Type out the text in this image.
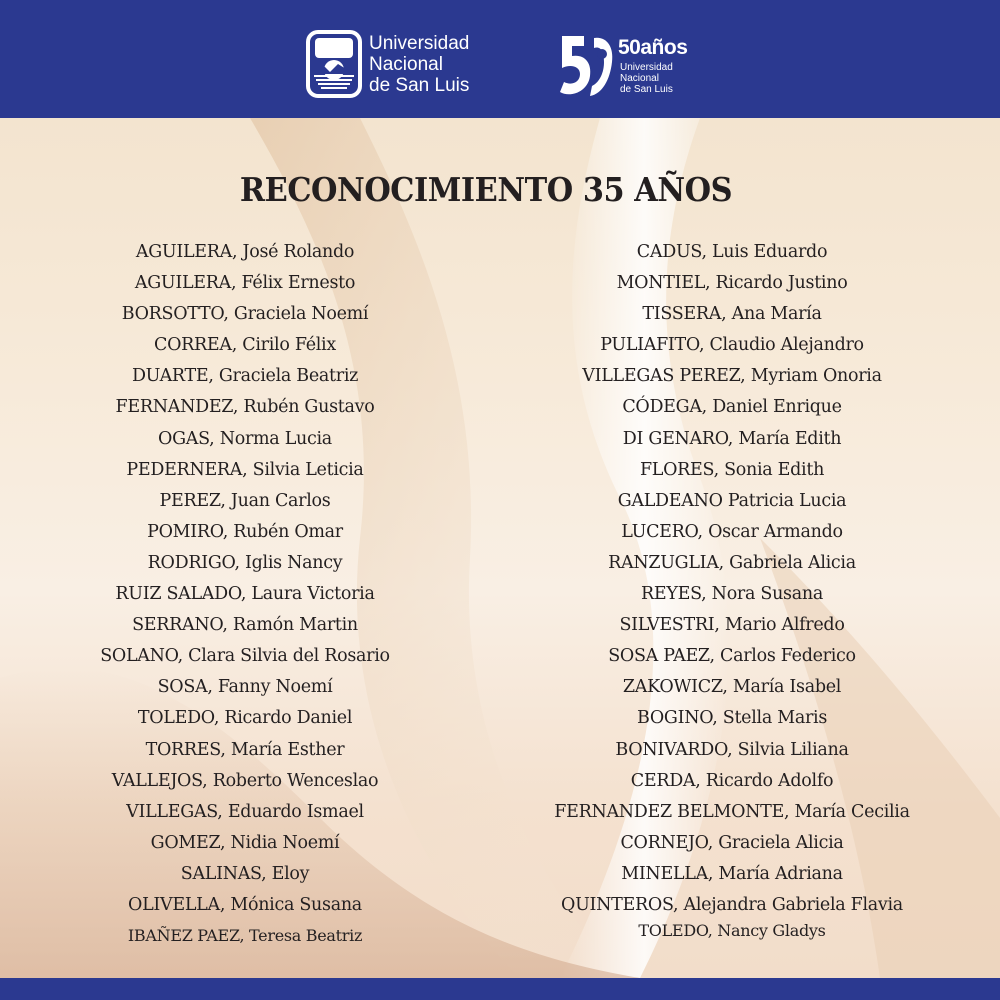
Universidad
Nacional
de San Luis
50años
Universidad
Nacional
de San Luis
RECONOCIMIENTO 35 AÑOS
AGUILERA, José Rolando
AGUILERA, Félix Ernesto
BORSOTTO, Graciela Noemí
CORREA, Cirilo Félix
DUARTE, Graciela Beatriz
FERNANDEZ, Rubén Gustavo
OGAS, Norma Lucia
PEDERNERA, Silvia Leticia
PEREZ, Juan Carlos
POMIRO, Rubén Omar
RODRIGO, Iglis Nancy
RUIZ SALADO, Laura Victoria
SERRANO, Ramón Martin
SOLANO, Clara Silvia del Rosario
SOSA, Fanny Noemí
TOLEDO, Ricardo Daniel
TORRES, María Esther
VALLEJOS, Roberto Wenceslao
VILLEGAS, Eduardo Ismael
GOMEZ, Nidia Noemí
SALINAS, Eloy
OLIVELLA, Mónica Susana
IBAÑEZ PAEZ, Teresa Beatriz
CADUS, Luis Eduardo
MONTIEL, Ricardo Justino
TISSERA, Ana María
PULIAFITO, Claudio Alejandro
VILLEGAS PEREZ, Myriam Onoria
CÓDEGA, Daniel Enrique
DI GENARO, María Edith
FLORES, Sonia Edith
GALDEANO Patricia Lucia
LUCERO, Oscar Armando
RANZUGLIA, Gabriela Alicia
REYES, Nora Susana
SILVESTRI, Mario Alfredo
SOSA PAEZ, Carlos Federico
ZAKOWICZ, María Isabel
BOGINO, Stella Maris
BONIVARDO, Silvia Liliana
CERDA, Ricardo Adolfo
FERNANDEZ BELMONTE, María Cecilia
CORNEJO, Graciela Alicia
MINELLA, María Adriana
QUINTEROS, Alejandra Gabriela Flavia
TOLEDO, Nancy Gladys
